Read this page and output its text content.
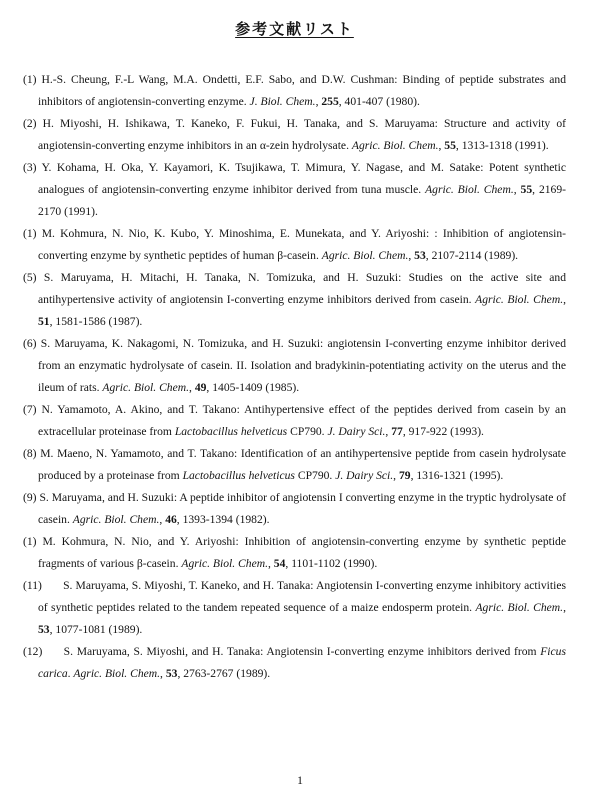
参考文献リスト

(1) H.-S. Cheung, F.-L Wang, M.A. Ondetti, E.F. Sabo, and D.W. Cushman: Binding of peptide substrates and inhibitors of angiotensin-converting enzyme. J. Biol. Chem., 255, 401-407 (1980).

(2) H. Miyoshi, H. Ishikawa, T. Kaneko, F. Fukui, H. Tanaka, and S. Maruyama: Structure and activity of angiotensin-converting enzyme inhibitors in an α-zein hydrolysate. Agric. Biol. Chem., 55, 1313-1318 (1991).

(3) Y. Kohama, H. Oka, Y. Kayamori, K. Tsujikawa, T. Mimura, Y. Nagase, and M. Satake: Potent synthetic analogues of angiotensin-converting enzyme inhibitor derived from tuna muscle. Agric. Biol. Chem., 55, 2169-2170 (1991).

(1) M. Kohmura, N. Nio, K. Kubo, Y. Minoshima, E. Munekata, and Y. Ariyoshi: : Inhibition of angiotensin-converting enzyme by synthetic peptides of human β-casein. Agric. Biol. Chem., 53, 2107-2114 (1989).

(5) S. Maruyama, H. Mitachi, H. Tanaka, N. Tomizuka, and H. Suzuki: Studies on the active site and antihypertensive activity of angiotensin I-converting enzyme inhibitors derived from casein. Agric. Biol. Chem., 51, 1581-1586 (1987).

(6) S. Maruyama, K. Nakagomi, N. Tomizuka, and H. Suzuki: angiotensin I-converting enzyme inhibitor derived from an enzymatic hydrolysate of casein. II. Isolation and bradykinin-potentiating activity on the uterus and the ileum of rats. Agric. Biol. Chem., 49, 1405-1409 (1985).

(7) N. Yamamoto, A. Akino, and T. Takano: Antihypertensive effect of the peptides derived from casein by an extracellular proteinase from Lactobacillus helveticus CP790. J. Dairy Sci., 77, 917-922 (1993).

(8) M. Maeno, N. Yamamoto, and T. Takano: Identification of an antihypertensive peptide from casein hydrolysate produced by a proteinase from Lactobacillus helveticus CP790. J. Dairy Sci., 79, 1316-1321 (1995).

(9) S. Maruyama, and H. Suzuki: A peptide inhibitor of angiotensin I converting enzyme in the tryptic hydrolysate of casein. Agric. Biol. Chem., 46, 1393-1394 (1982).

(1) M. Kohmura, N. Nio, and Y. Ariyoshi: Inhibition of angiotensin-converting enzyme by synthetic peptide fragments of various β-casein. Agric. Biol. Chem., 54, 1101-1102 (1990).

(11) S. Maruyama, S. Miyoshi, T. Kaneko, and H. Tanaka: Angiotensin I-converting enzyme inhibitory activities of synthetic peptides related to the tandem repeated sequence of a maize endosperm protein. Agric. Biol. Chem., 53, 1077-1081 (1989).

(12) S. Maruyama, S. Miyoshi, and H. Tanaka: Angiotensin I-converting enzyme inhibitors derived from Ficus carica. Agric. Biol. Chem., 53, 2763-2767 (1989).

1
